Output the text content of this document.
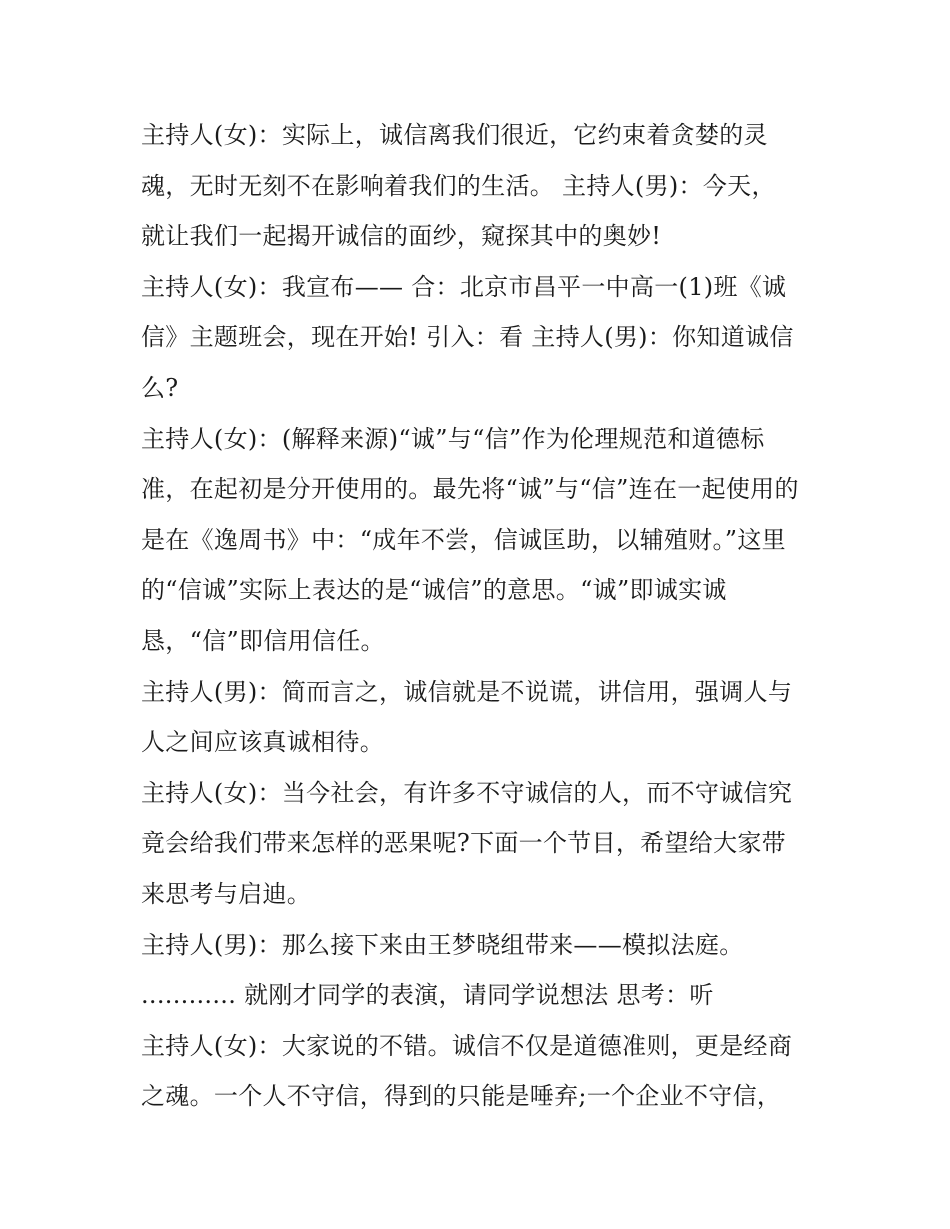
主持人(女)：实际上，诚信离我们很近，它约束着贪婪的灵
魂，无时无刻不在影响着我们的生活。 主持人(男)：今天，
就让我们一起揭开诚信的面纱，窥探其中的奥妙!
主持人(女)：我宣布—— 合：北京市昌平一中高一(1)班《诚
信》主题班会，现在开始! 引入：看 主持人(男)：你知道诚信
么?
主持人(女)：(解释来源)“诚”与“信”作为伦理规范和道德标
准，在起初是分开使用的。最先将“诚”与“信”连在一起使用的
是在《逸周书》中：“成年不尝，信诚匡助，以辅殖财。”这里
的“信诚”实际上表达的是“诚信”的意思。“诚”即诚实诚
恳，“信”即信用信任。
主持人(男)：简而言之，诚信就是不说谎，讲信用，强调人与
人之间应该真诚相待。
主持人(女)：当今社会，有许多不守诚信的人，而不守诚信究
竟会给我们带来怎样的恶果呢?下面一个节目，希望给大家带
来思考与启迪。
主持人(男)：那么接下来由王梦晓组带来——模拟法庭。
............ 就刚才同学的表演，请同学说想法 思考：听
主持人(女)：大家说的不错。诚信不仅是道德准则，更是经商
之魂。一个人不守信，得到的只能是唾弃;一个企业不守信，
